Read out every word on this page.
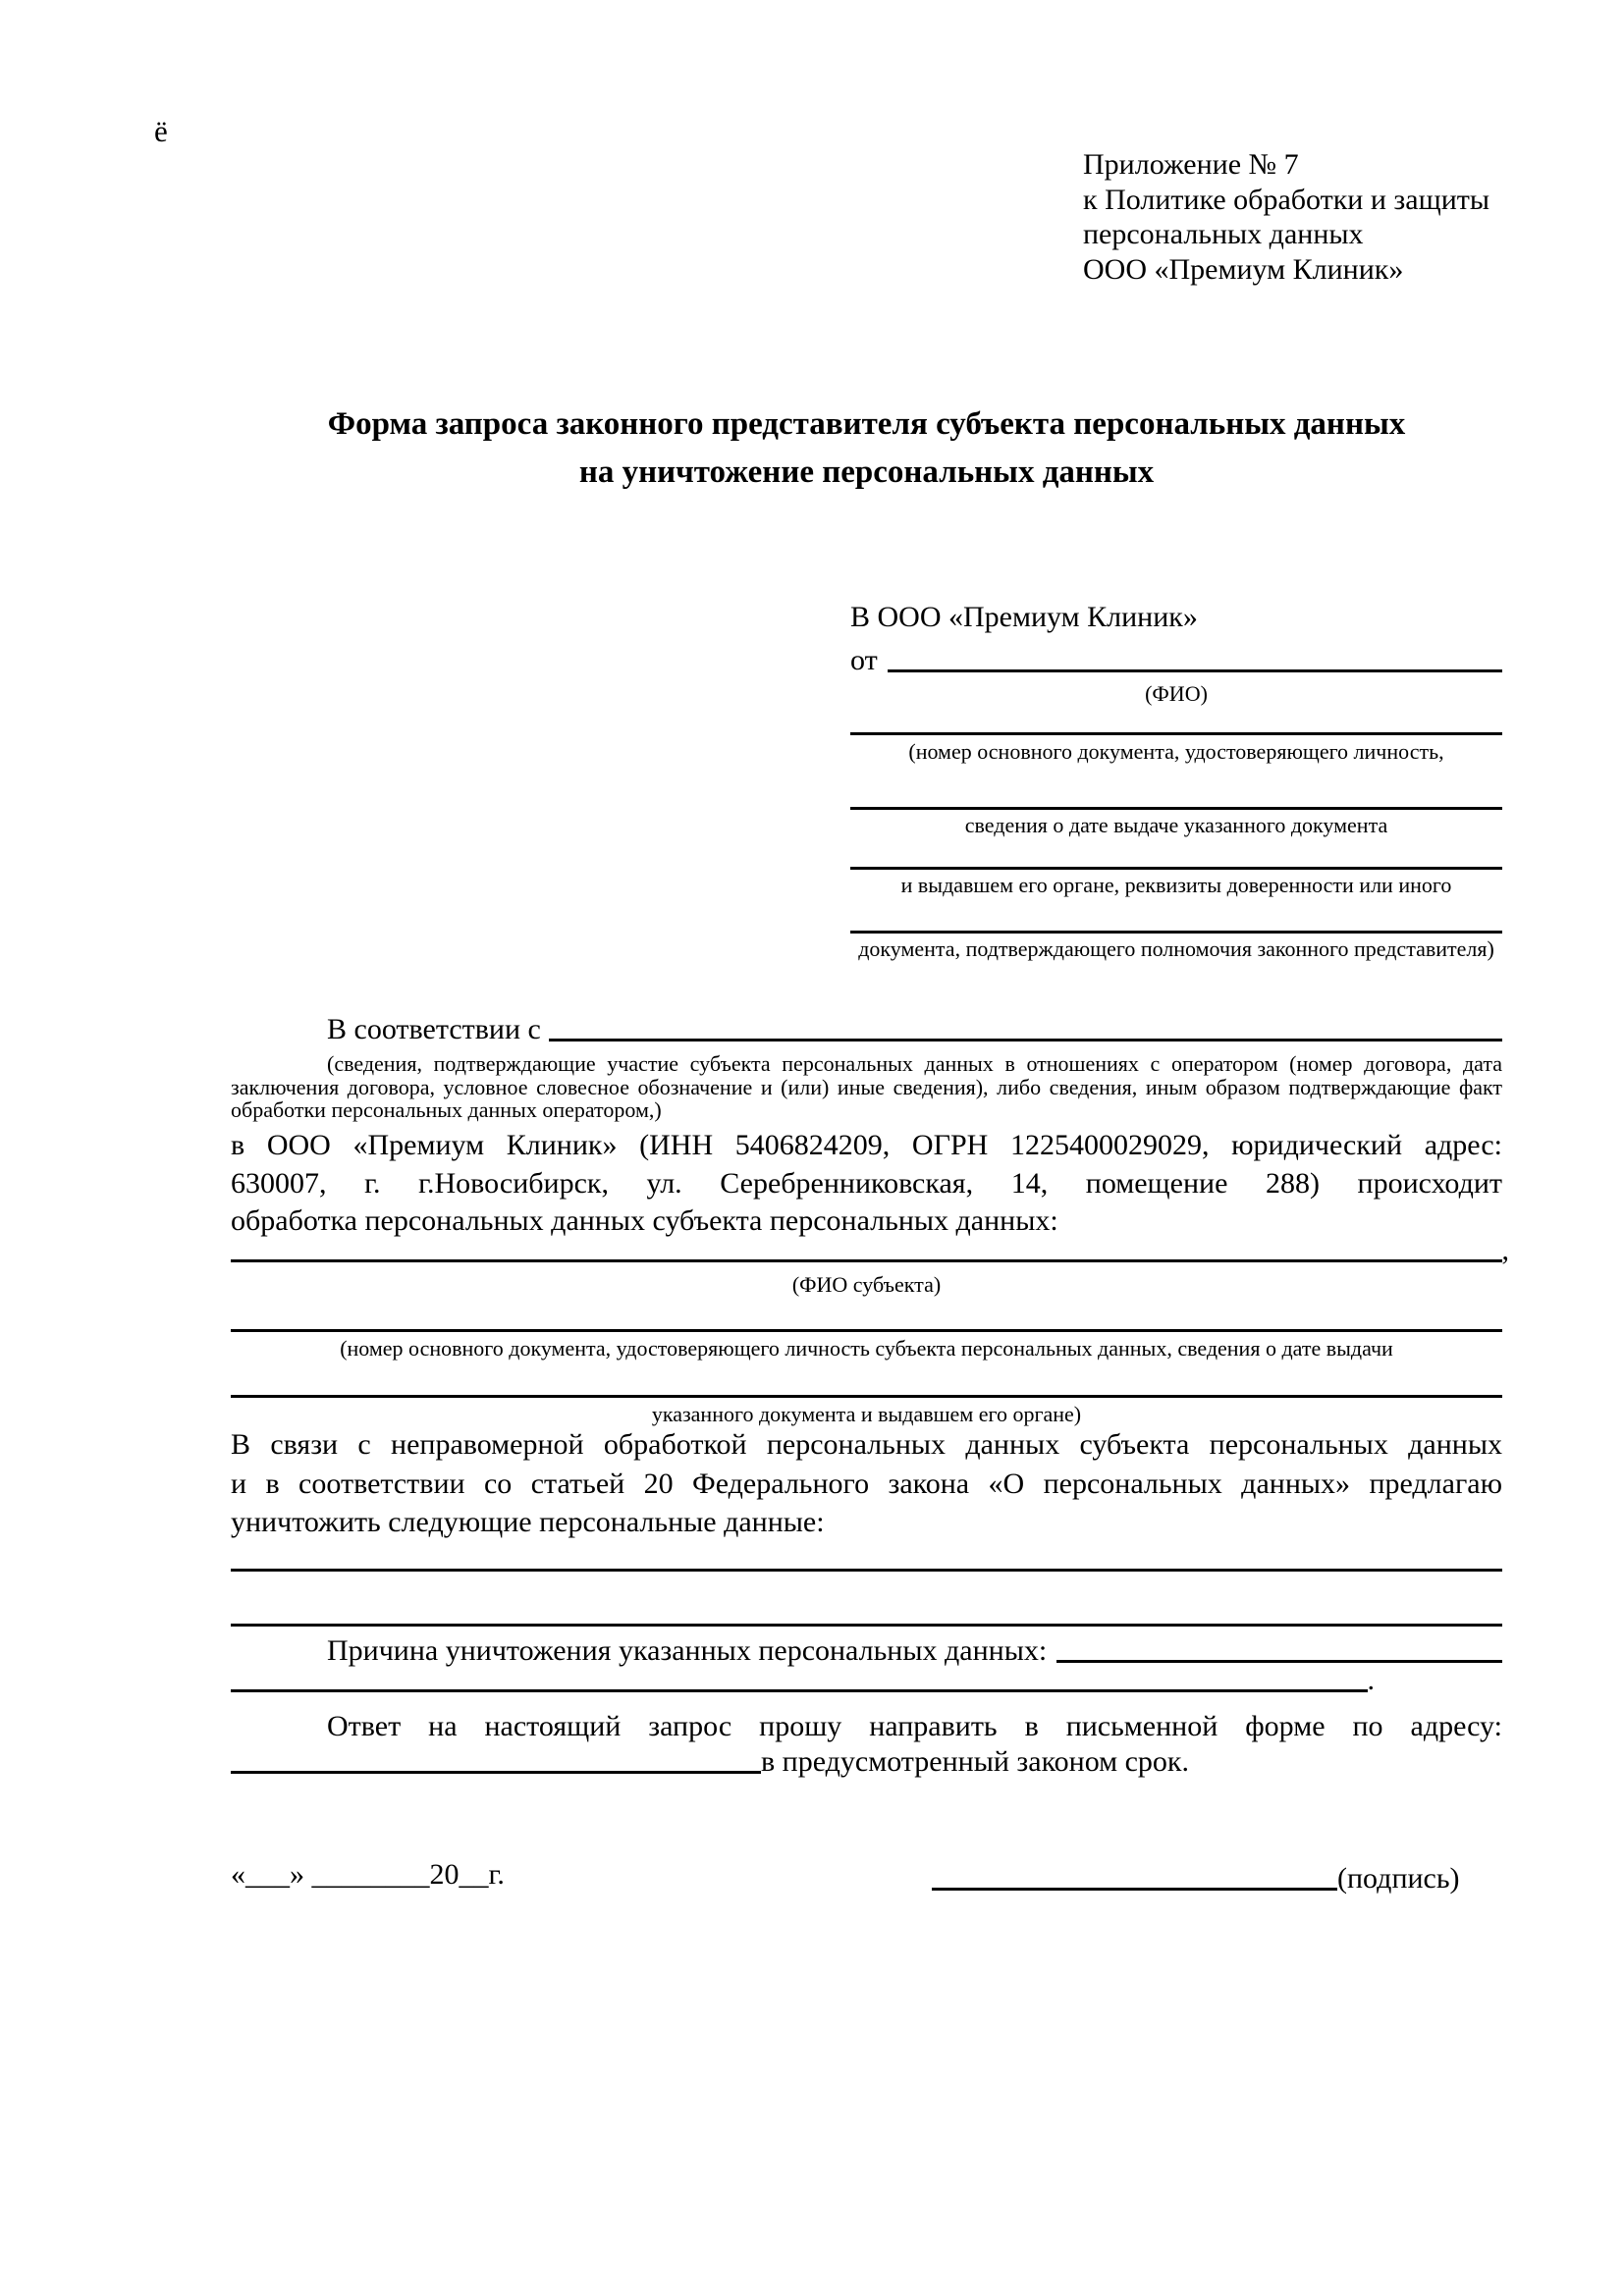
ё
Приложение № 7
к Политике обработки и защиты
персональных данных
ООО «Премиум Клиник»
Форма запроса законного представителя субъекта персональных данных
на уничтожение персональных данных
В ООО «Премиум Клиник»
от
(ФИО)
(номер основного документа, удостоверяющего личность,
сведения о дате выдаче указанного документа
и выдавшем его органе, реквизиты доверенности или иного
документа, подтверждающего полномочия законного представителя)
В соответствии с
(сведения, подтверждающие участие субъекта персональных данных в отношениях с оператором (номер договора, дата
заключения договора, условное словесное обозначение и (или) иные сведения), либо сведения, иным образом подтверждающие факт
обработки персональных данных оператором,)
в ООО «Премиум Клиник» (ИНН 5406824209, ОГРН 1225400029029, юридический адрес:
630007, г. г.Новосибирск, ул. Серебренниковская, 14, помещение 288) происходит
обработка персональных данных субъекта персональных данных:
,
(ФИО субъекта)
(номер основного документа, удостоверяющего личность субъекта персональных данных, сведения о дате выдачи
указанного документа и выдавшем его органе)
В связи с неправомерной обработкой персональных данных субъекта персональных данных
и в соответствии со статьей 20 Федерального закона «О персональных данных» предлагаю
уничтожить следующие персональные данные:
Причина уничтожения указанных персональных данных:
.
Ответ на настоящий запрос прошу направить в письменной форме по адресу:
в предусмотренный законом срок.
«___» ________20__г.	(подпись)
